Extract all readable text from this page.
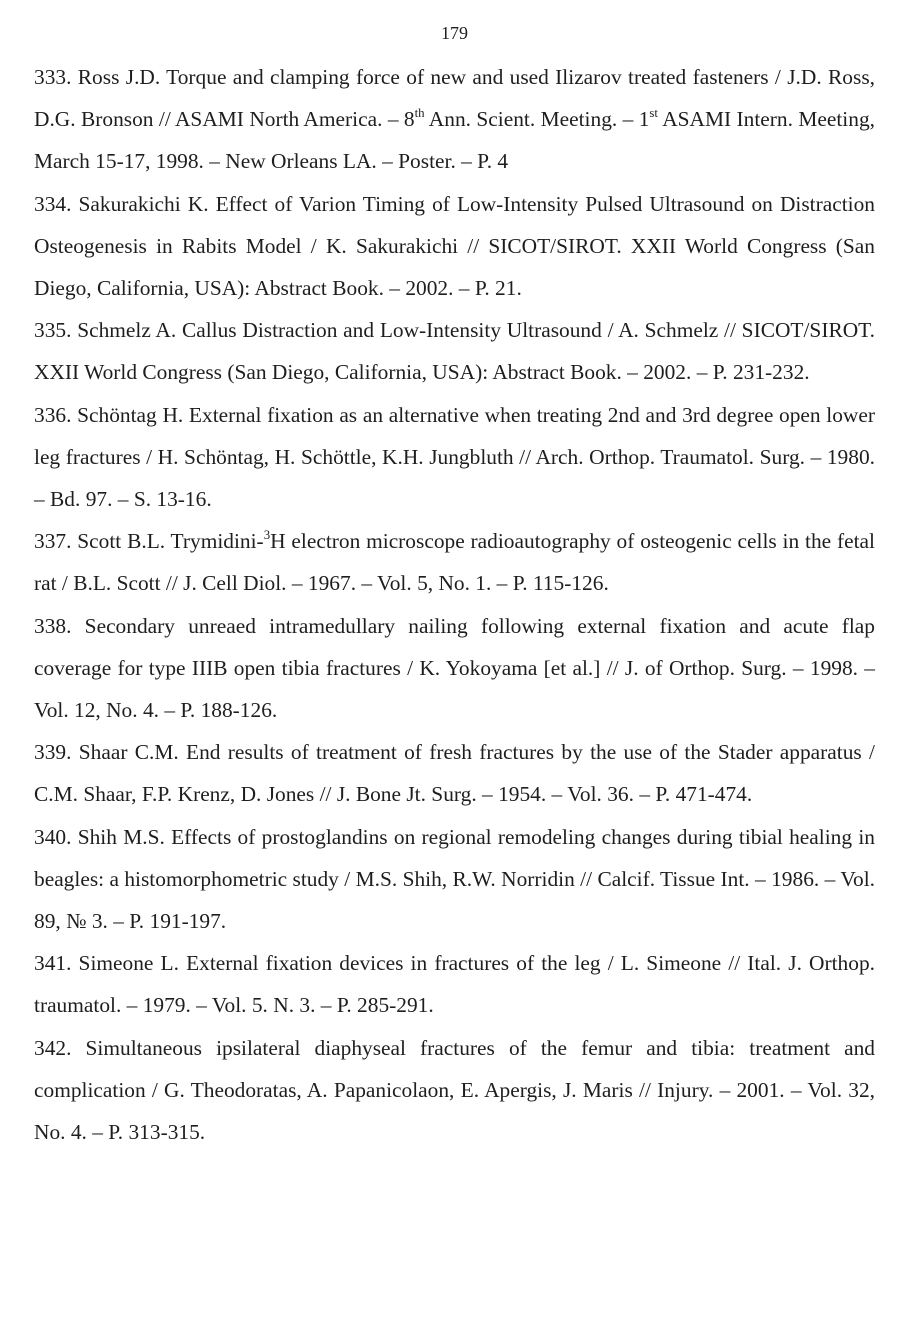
179

333. Ross J.D. Torque and clamping force of new and used Ilizarov treated fasteners / J.D. Ross, D.G. Bronson // ASAMI North America. – 8th Ann. Scient. Meeting. – 1st ASAMI Intern. Meeting, March 15-17, 1998. – New Orleans LA. – Poster. – P. 4

334. Sakurakichi K. Effect of Varion Timing of Low-Intensity Pulsed Ultrasound on Distraction Osteogenesis in Rabits Model / K. Sakurakichi // SICOT/SIROT. XXII World Congress (San Diego, California, USA): Abstract Book. – 2002. – P. 21.

335. Schmelz A. Callus Distraction and Low-Intensity Ultrasound / A. Schmelz // SICOT/SIROT. XXII World Congress (San Diego, California, USA): Abstract Book. – 2002. – P. 231-232.

336. Schöntag H. External fixation as an alternative when treating 2nd and 3rd degree open lower leg fractures / H. Schöntag, H. Schöttle, K.H. Jungbluth // Arch. Orthop. Traumatol. Surg. – 1980. – Bd. 97. – S. 13-16.

337. Scott B.L. Trymidini-$^3$H electron microscope radioautography of osteogenic cells in the fetal rat / B.L. Scott // J. Cell Diol. – 1967. – Vol. 5, No. 1. – P. 115-126.

338. Secondary unreaed intramedullary nailing following external fixation and acute flap coverage for type IIIB open tibia fractures / K. Yokoyama [et al.] // J. of Orthop. Surg. – 1998. – Vol. 12, No. 4. – P. 188-126.

339. Shaar C.M. End results of treatment of fresh fractures by the use of the Stader apparatus / C.M. Shaar, F.P. Krenz, D. Jones // J. Bone Jt. Surg. – 1954. – Vol. 36. – P. 471-474.

340. Shih M.S. Effects of prostoglandins on regional remodeling changes during tibial healing in beagles: a histomorphometric study / M.S. Shih, R.W. Norridin // Calcif. Tissue Int. – 1986. – Vol. 89, № 3. – P. 191-197.

341. Simeone L. External fixation devices in fractures of the leg / L. Simeone // Ital. J. Orthop. traumatol. – 1979. – Vol. 5. N. 3. – P. 285-291.

342. Simultaneous ipsilateral diaphyseal fractures of the femur and tibia: treatment and complication / G. Theodoratas, A. Papanicolaon, E. Apergis, J. Maris // Injury. – 2001. – Vol. 32, No. 4. – P. 313-315.
